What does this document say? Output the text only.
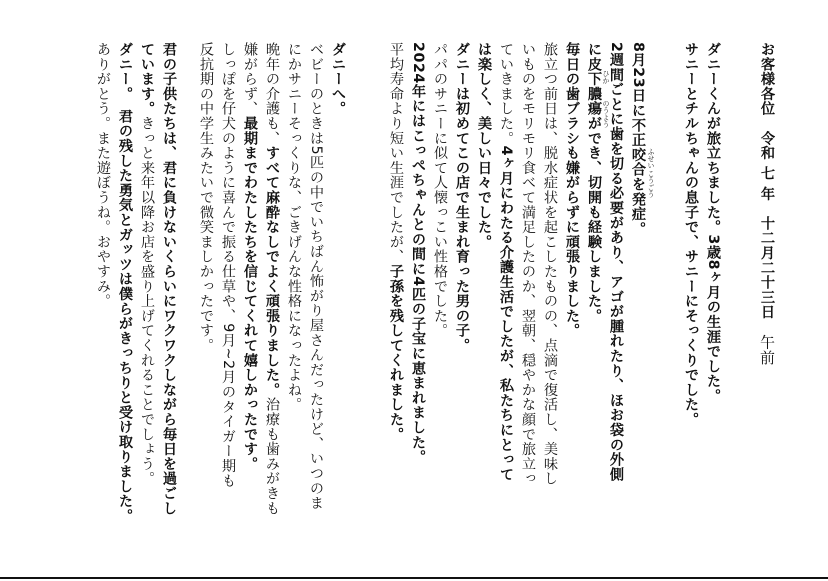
お客様各位　令和 七 年　十二月二十三日　午前
ダニーくんが旅立ちました。3歳8ヶ月の生涯でした。
サニーとチルちゃんの息子で、サニーにそっくりでした。
8月23日に不正咬合を発症。 ふせい
こうごう
2週間ごとに歯を切る必要があり、アゴが腫れたり、ほお袋の外側
に皮下膿瘍ができ、切開も経験しました。 ひか
のうよう
毎日の歯ブラシも嫌がらずに頑張りました。
旅立つ前日は、脱水症状を起こしたものの、点滴で復活し、美味し
いものをモリモリ食べて満足したのか、翌朝、穏やかな顔で旅立っ
ていきました。4ヶ月にわたる介護生活でしたが、私たちにとって
は楽しく、美しい日々でした。
ダニーは初めてこの店で生まれ育った男の子。
パパのサニーに似て人懐っこい性格でした。
2024年にはこっぺちゃんとの間に4匹の子宝に恵まれました。
平均寿命より短い生涯でしたが、子孫を残してくれました。
ダニーへ。
ベビーのときは5匹の中でいちばん怖がり屋さんだったけど、いつのま
にかサニーそっくりな、ごきげんな性格になったよね。
晩年の介護も、すべて麻酔なしでよく頑張りました。治療も歯みがきも
嫌がらず、最期までわたしたちを信じてくれて嬉しかったです。
しっぽを仔犬のように喜んで振る仕草や、9月~2月のタイガー期も
反抗期の中学生みたいで微笑ましかったです。
君の子供たちは、君に負けないくらいにワクワクしながら毎日を過ごし
ています。きっと来年以降お店を盛り上げてくれることでしょう。
ダニー。　君の残した勇気とガッツは僕らがきっちりと受け取りました。
ありがとう。また遊ぼうね。おやすみ。
